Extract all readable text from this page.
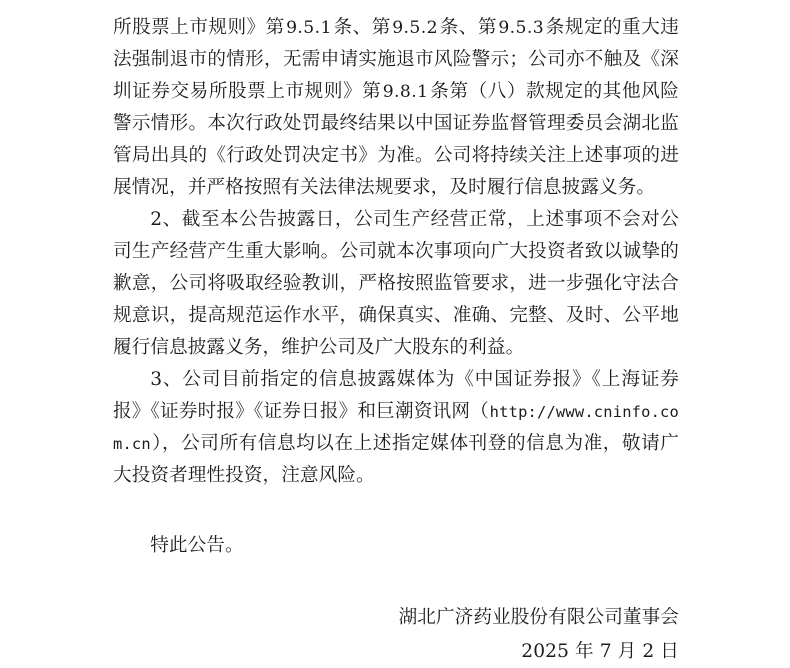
所股票上市规则》第9.5.1条、第9.5.2条、第9.5.3条规定的重大违法强制退市的情形，无需申请实施退市风险警示；公司亦不触及《深圳证券交易所股票上市规则》第9.8.1条第（八）款规定的其他风险警示情形。本次行政处罚最终结果以中国证券监督管理委员会湖北监管局出具的《行政处罚决定书》为准。公司将持续关注上述事项的进展情况，并严格按照有关法律法规要求，及时履行信息披露义务。

2、截至本公告披露日，公司生产经营正常，上述事项不会对公司生产经营产生重大影响。公司就本次事项向广大投资者致以诚挚的歉意，公司将吸取经验教训，严格按照监管要求，进一步强化守法合规意识，提高规范运作水平，确保真实、准确、完整、及时、公平地履行信息披露义务，维护公司及广大股东的利益。

3、公司目前指定的信息披露媒体为《中国证券报》《上海证券报》《证券时报》《证券日报》和巨潮资讯网（http://www.cninfo.com.cn），公司所有信息均以在上述指定媒体刊登的信息为准，敬请广大投资者理性投资，注意风险。

特此公告。

湖北广济药业股份有限公司董事会

2025 年 7 月 2 日
